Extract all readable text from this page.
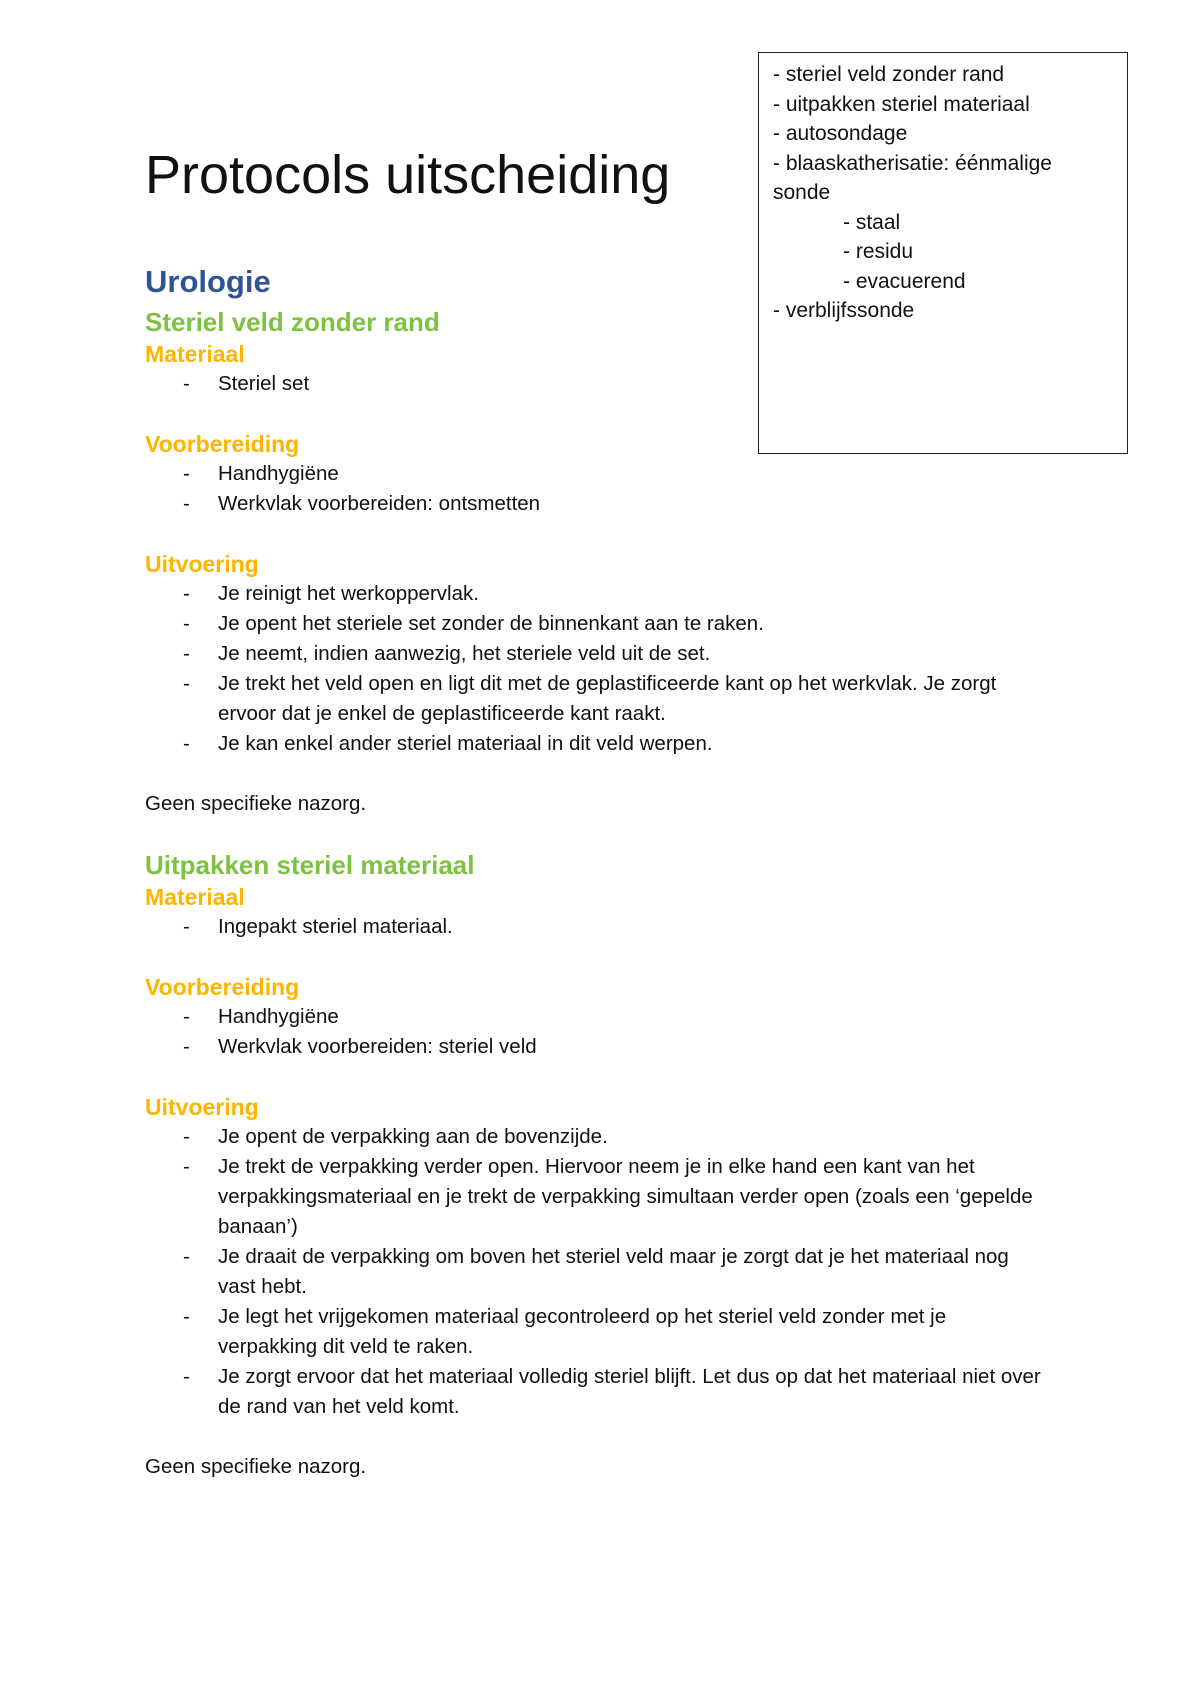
- steriel veld zonder rand
- uitpakken steriel materiaal
- autosondage
- blaaskatherisatie: éénmalige
sonde
- staal
- residu
- evacuerend
- verblijfssonde
Protocols uitscheiding
Urologie
Steriel veld zonder rand
Materiaal
- Steriel set
Voorbereiding
- Handhygiëne
- Werkvlak voorbereiden: ontsmetten
Uitvoering
- Je reinigt het werkoppervlak.
- Je opent het steriele set zonder de binnenkant aan te raken.
- Je neemt, indien aanwezig, het steriele veld uit de set.
- Je trekt het veld open en ligt dit met de geplastificeerde kant op het werkvlak. Je zorgt ervoor dat je enkel de geplastificeerde kant raakt.
- Je kan enkel ander steriel materiaal in dit veld werpen.

Geen specifieke nazorg.

Uitpakken steriel materiaal
Materiaal
- Ingepakt steriel materiaal.
Voorbereiding
- Handhygiëne
- Werkvlak voorbereiden: steriel veld
Uitvoering
- Je opent de verpakking aan de bovenzijde.
- Je trekt de verpakking verder open. Hiervoor neem je in elke hand een kant van het verpakkingsmateriaal en je trekt de verpakking simultaan verder open (zoals een ‘gepelde banaan’)
- Je draait de verpakking om boven het steriel veld maar je zorgt dat je het materiaal nog vast hebt.
- Je legt het vrijgekomen materiaal gecontroleerd op het steriel veld zonder met je verpakking dit veld te raken.
- Je zorgt ervoor dat het materiaal volledig steriel blijft. Let dus op dat het materiaal niet over de rand van het veld komt.

Geen specifieke nazorg.
